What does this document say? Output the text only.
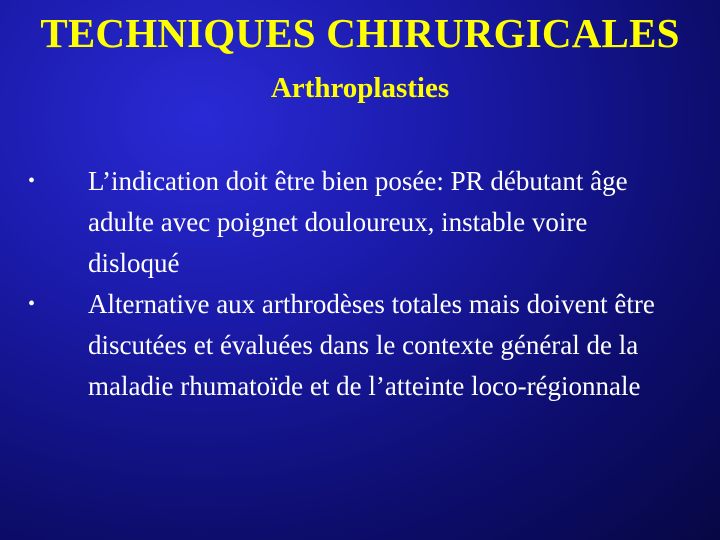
TECHNIQUES CHIRURGICALES
Arthroplasties
• L’indication doit être bien posée: PR débutant âge adulte avec poignet douloureux, instable voire disloqué
• Alternative aux arthrodèses totales mais doivent être discutées et évaluées dans le contexte général de la maladie rhumatoïde et de l’atteinte loco-régionnale
